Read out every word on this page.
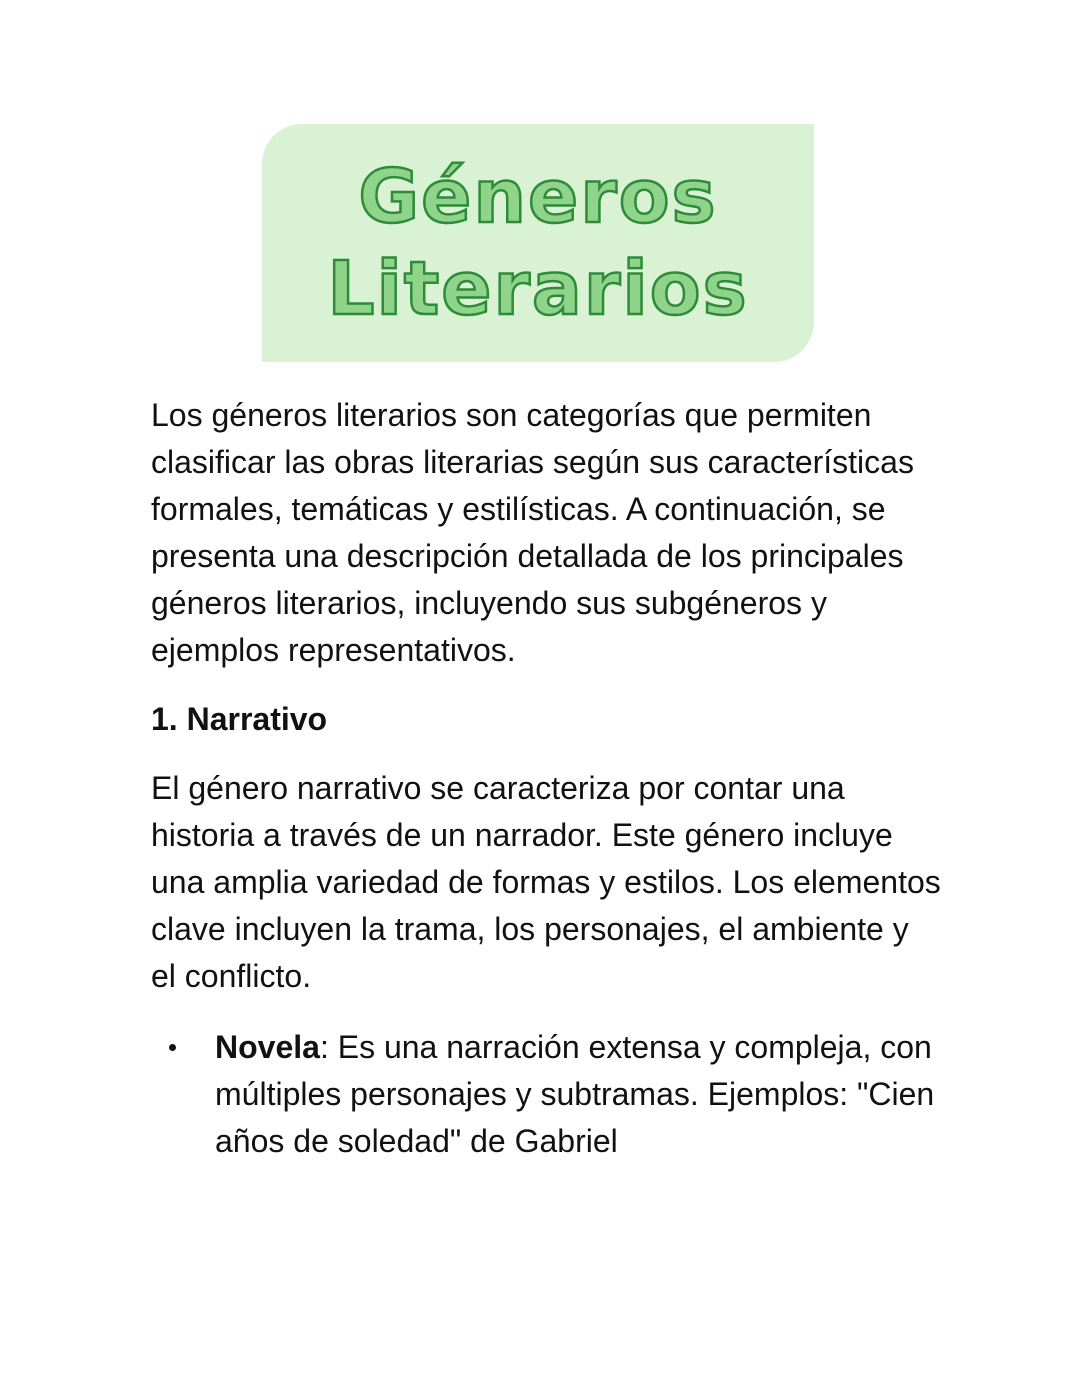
Géneros
Literarios

Los géneros literarios son categorías que permiten clasificar las obras literarias según sus características formales, temáticas y estilísticas. A continuación, se presenta una descripción detallada de los principales géneros literarios, incluyendo sus subgéneros y ejemplos representativos.

1. Narrativo

El género narrativo se caracteriza por contar una historia a través de un narrador. Este género incluye una amplia variedad de formas y estilos. Los elementos clave incluyen la trama, los personajes, el ambiente y el conflicto.

Novela: Es una narración extensa y compleja, con múltiples personajes y subtramas. Ejemplos: "Cien años de soledad" de Gabriel
